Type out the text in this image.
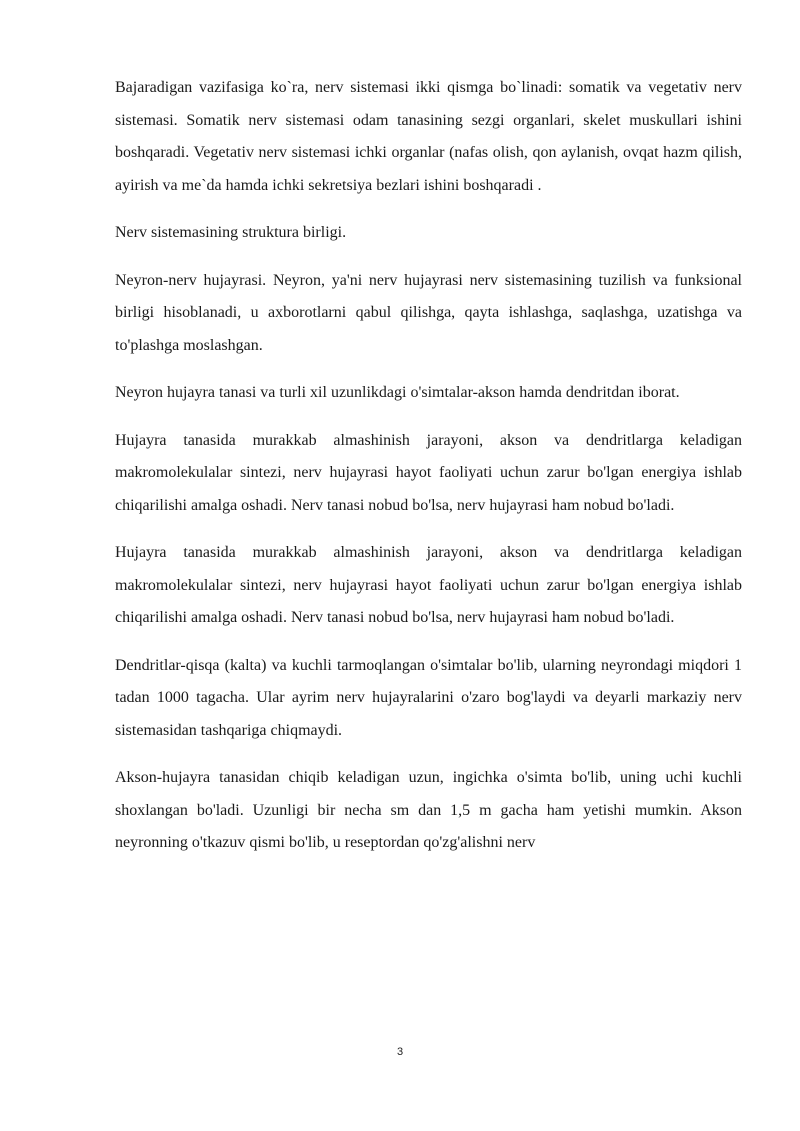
Bajaradigan vazifasiga ko`ra, nerv sistemasi ikki qismga bo`linadi: somatik va vegetativ nerv sistemasi. Somatik nerv sistemasi odam tanasining sezgi organlari, skelet muskullari ishini boshqaradi. Vegetativ nerv sistemasi ichki organlar (nafas olish, qon aylanish, ovqat hazm qilish, ayirish va me`da hamda ichki sekretsiya bezlari ishini boshqaradi .

Nerv sistemasining struktura birligi.

Neyron-nerv hujayrasi. Neyron, ya'ni nerv hujayrasi nerv sistemasining tuzilish va funksional birligi hisoblanadi, u axborotlarni qabul qilishga, qayta ishlashga, saqlashga, uzatishga va to'plashga moslashgan.

Neyron hujayra tanasi va turli xil uzunlikdagi o'simtalar-akson hamda dendritdan iborat.

Hujayra tanasida murakkab almashinish jarayoni, akson va dendritlarga keladigan makromolekulalar sintezi, nerv hujayrasi hayot faoliyati uchun zarur bo'lgan energiya ishlab chiqarilishi amalga oshadi. Nerv tanasi nobud bo'lsa, nerv hujayrasi ham nobud bo'ladi.

Hujayra tanasida murakkab almashinish jarayoni, akson va dendritlarga keladigan makromolekulalar sintezi, nerv hujayrasi hayot faoliyati uchun zarur bo'lgan energiya ishlab chiqarilishi amalga oshadi. Nerv tanasi nobud bo'lsa, nerv hujayrasi ham nobud bo'ladi.

Dendritlar-qisqa (kalta) va kuchli tarmoqlangan o'simtalar bo'lib, ularning neyrondagi miqdori 1 tadan 1000 tagacha. Ular ayrim nerv hujayralarini o'zaro bog'laydi va deyarli markaziy nerv sistemasidan tashqariga chiqmaydi.

Akson-hujayra tanasidan chiqib keladigan uzun, ingichka o'simta bo'lib, uning uchi kuchli shoxlangan bo'ladi. Uzunligi bir necha sm dan 1,5 m gacha ham yetishi mumkin. Akson neyronning o'tkazuv qismi bo'lib, u reseptordan qo'zg'alishni nerv

3
